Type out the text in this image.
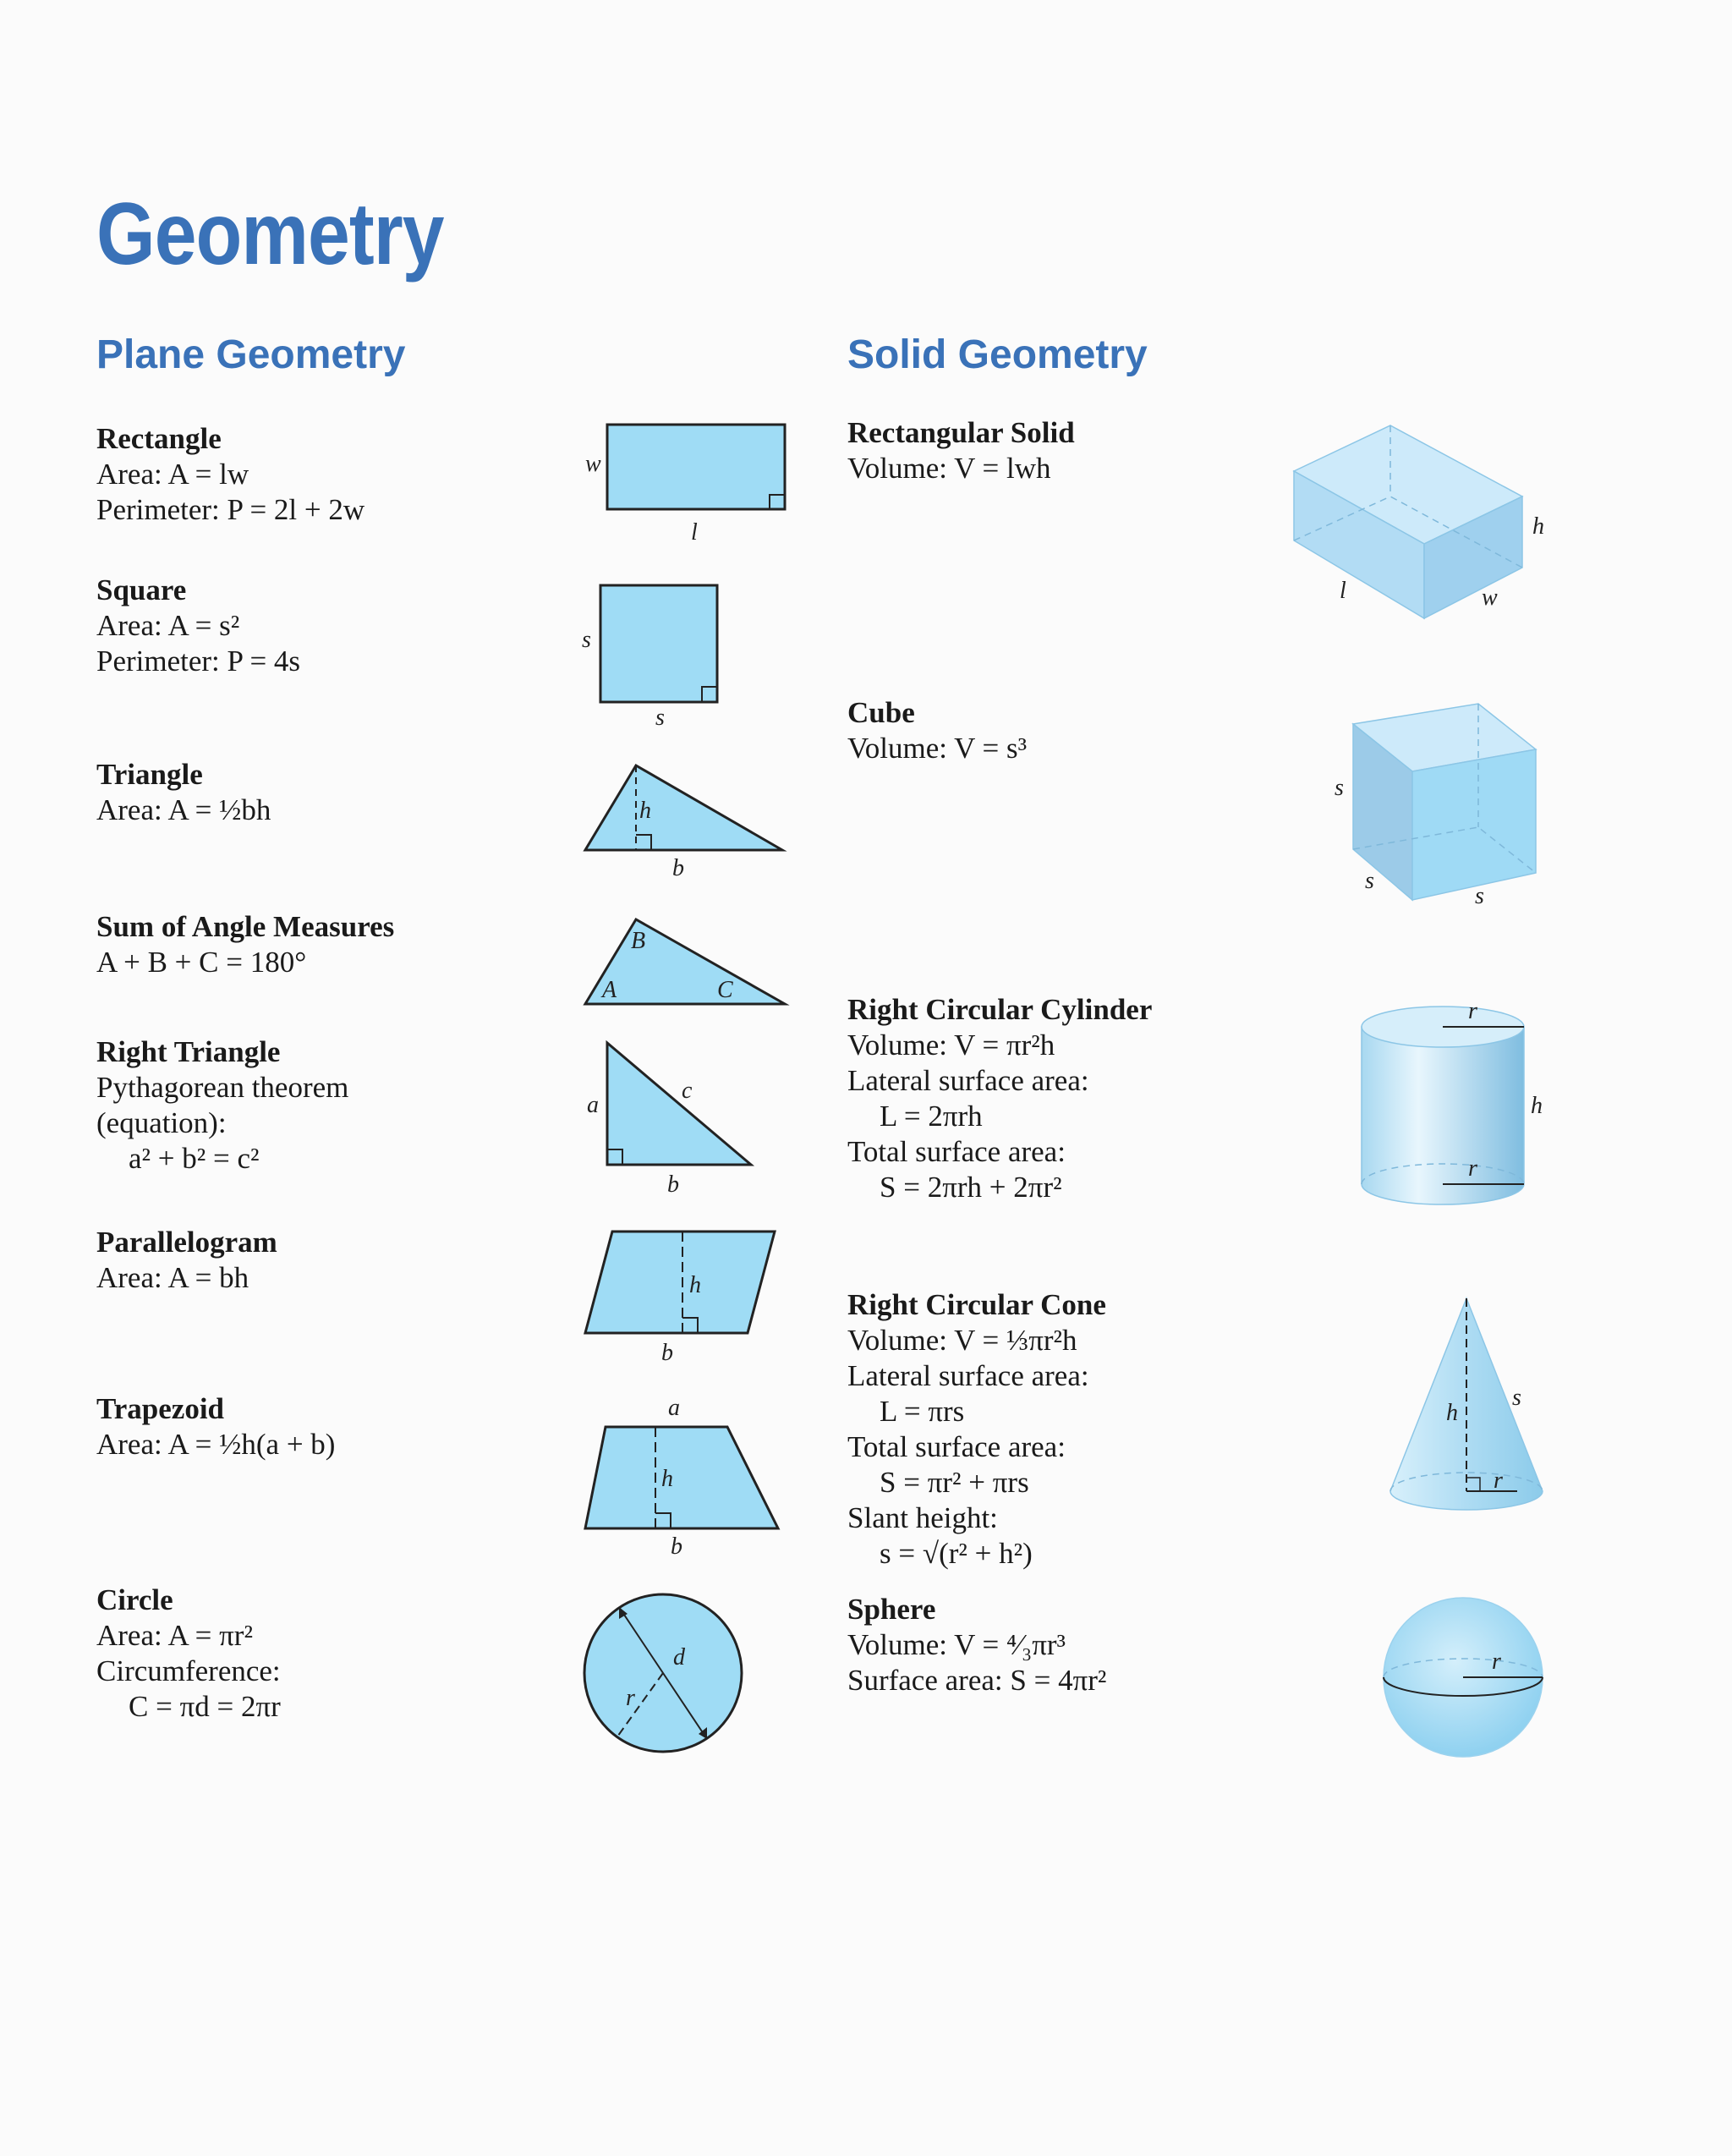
Geometry
Plane Geometry	Solid Geometry
Rectangle
Area: A = lw
Perimeter: P = 2l + 2w
Square
Area: A = s²
Perimeter: P = 4s
Triangle
Area: A = ½bh
Sum of Angle Measures
A + B + C = 180°
Right Triangle
Pythagorean theorem
(equation):
a² + b² = c²
Parallelogram
Area: A = bh
Trapezoid
Area: A = ½h(a + b)
Circle
Area: A = πr²
Circumference:
C = πd = 2πr
Rectangular Solid
Volume: V = lwh
Cube
Volume: V = s³
Right Circular Cylinder
Volume: V = πr²h
Lateral surface area:
L = 2πrh
Total surface area:
S = 2πrh + 2πr²
Right Circular Cone
Volume: V = ⅓πr²h
Lateral surface area:
L = πrs
Total surface area:
S = πr² + πrs
Slant height:
s = √(r² + h²)
Sphere
Volume: V = ⁴⁄₃πr³
Surface area: S = 4πr²
w
l
s
s
h
b
B
A	C
a
c
b
h
b
a
h
b
d
r
h
l	w
s
s
s
r
h
r
h
s
r
r
